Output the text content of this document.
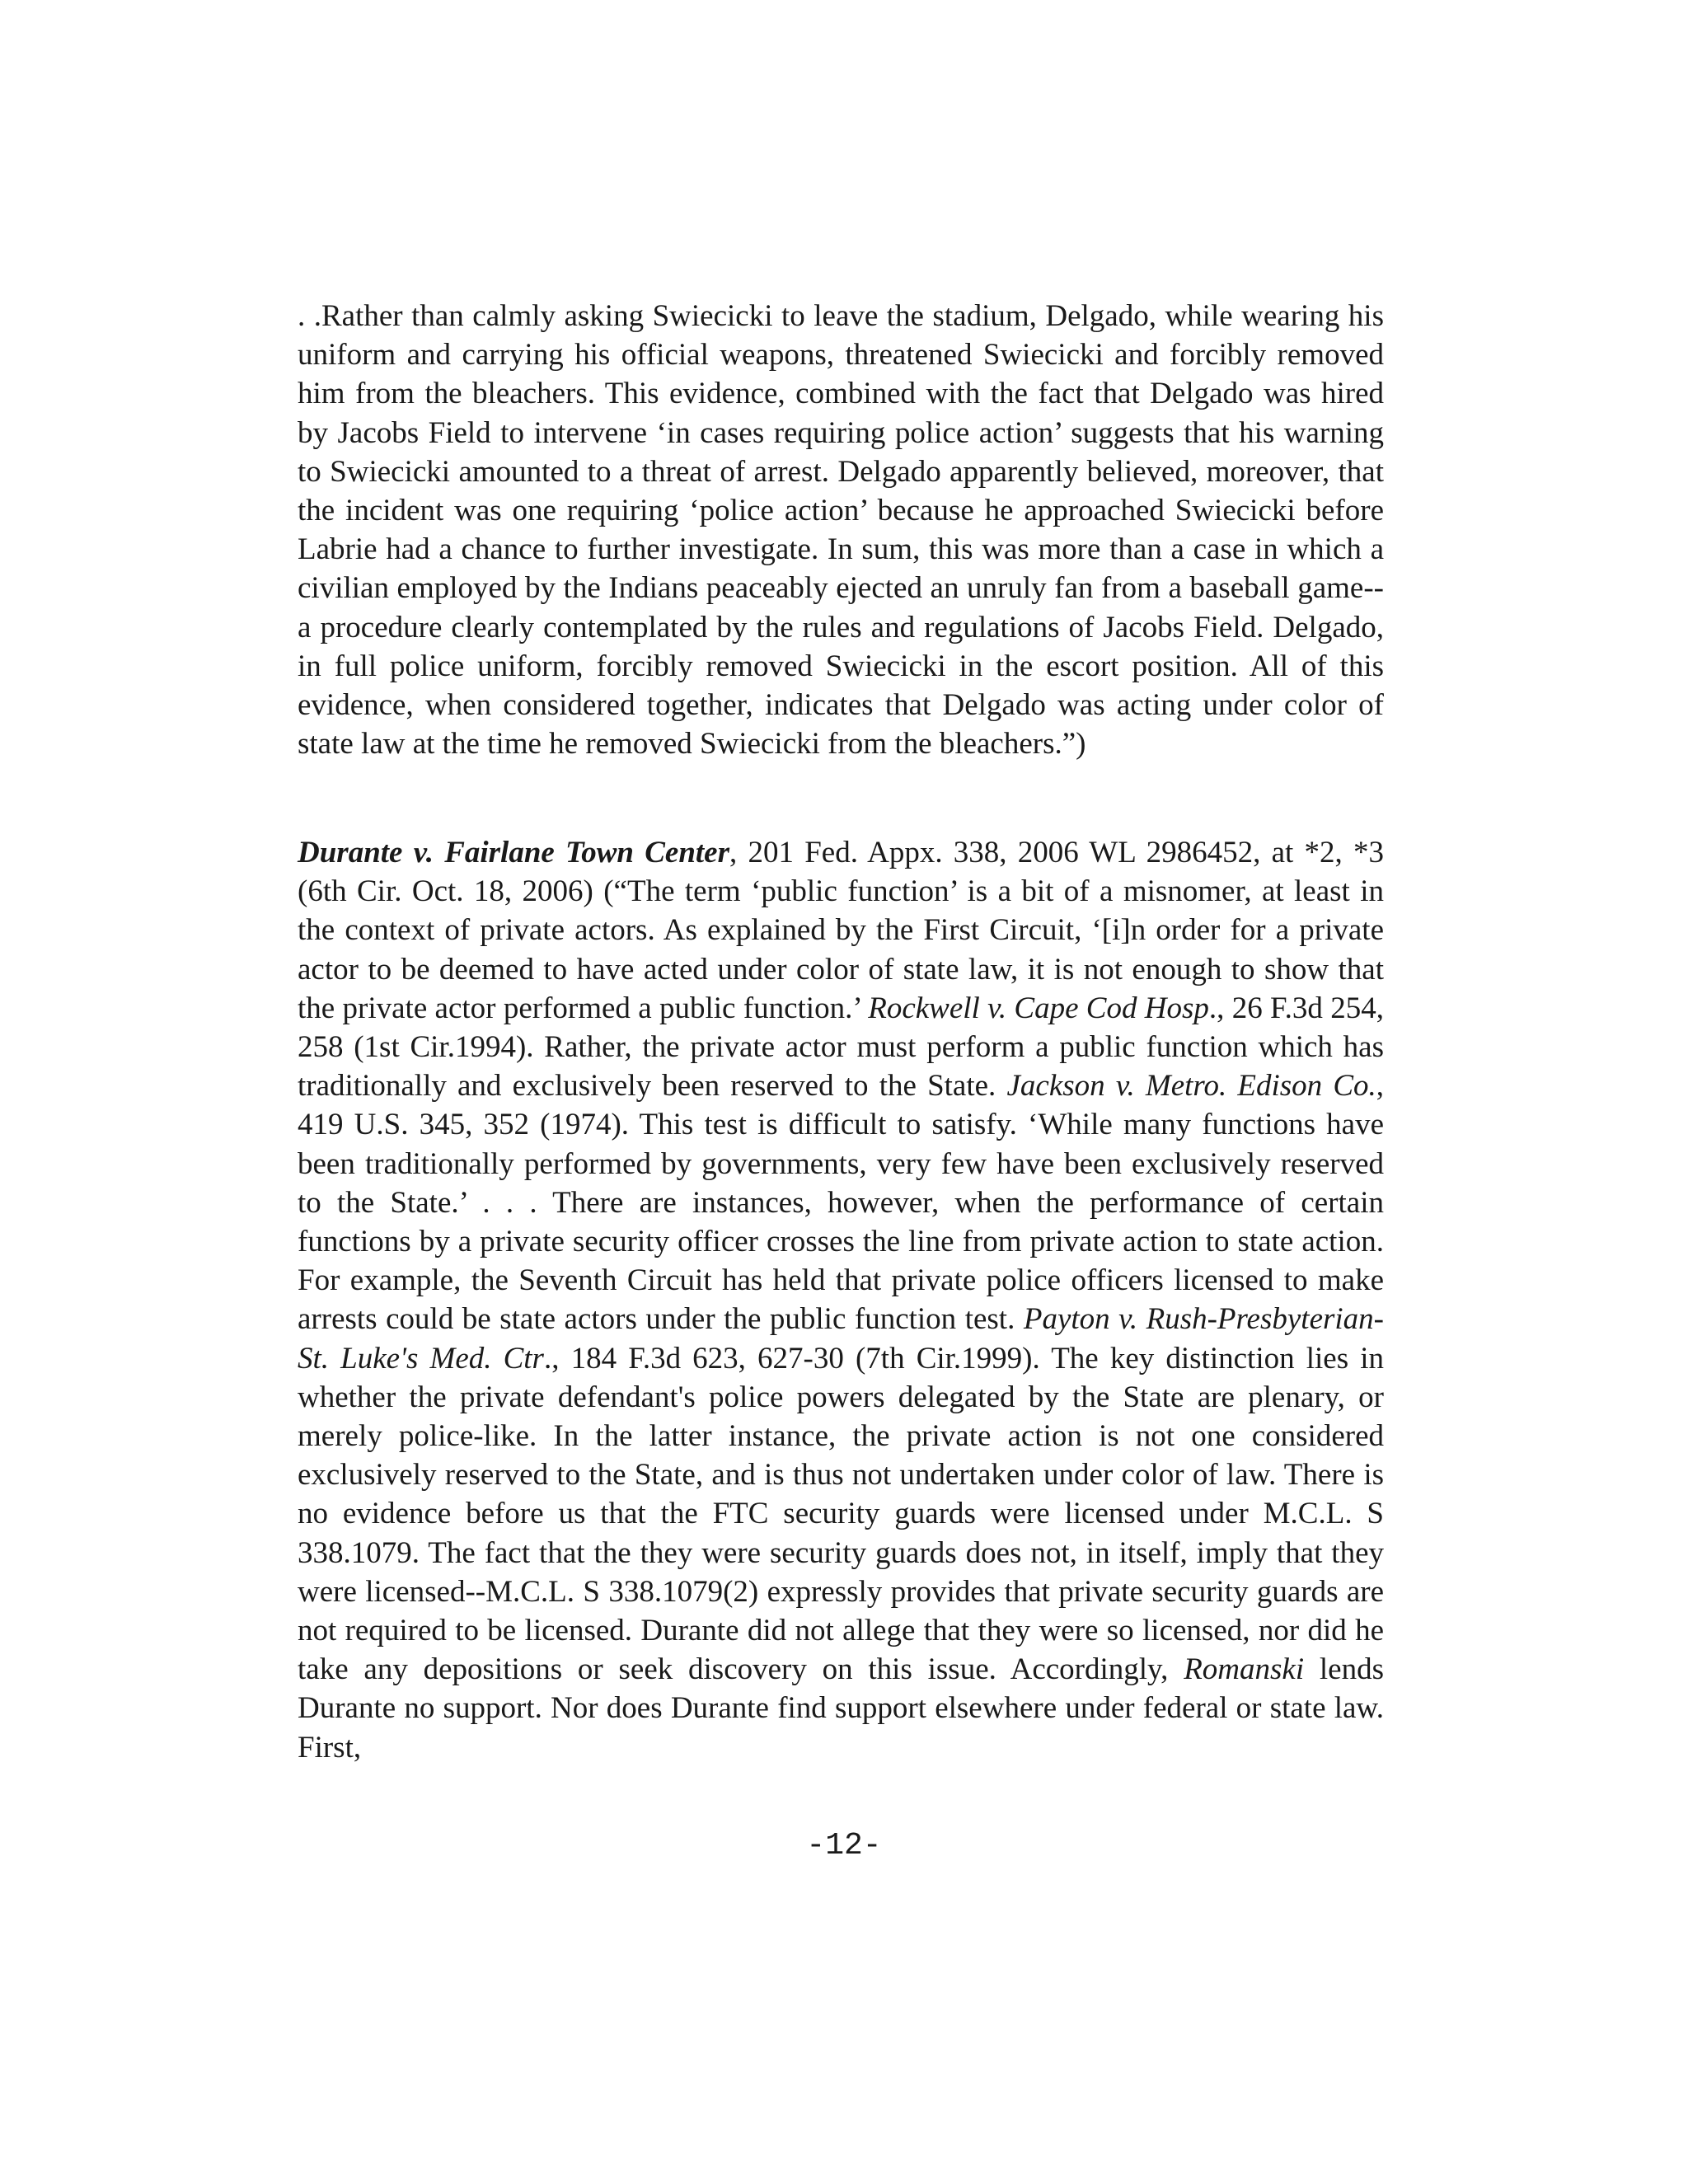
. .Rather than calmly asking Swiecicki to leave the stadium, Delgado, while wearing his uniform and carrying his official weapons, threatened Swiecicki and forcibly removed him from the bleachers. This evidence, combined with the fact that Delgado was hired by Jacobs Field to intervene ‘in cases requiring police action’ suggests that his warning to Swiecicki amounted to a threat of arrest. Delgado apparently believed, moreover, that the incident was one requiring ‘police action’ because he approached Swiecicki before Labrie had a chance to further investigate. In sum, this was more than a case in which a civilian employed by the Indians peaceably ejected an unruly fan from a baseball game--a procedure clearly contemplated by the rules and regulations of Jacobs Field. Delgado, in full police uniform, forcibly removed Swiecicki in the escort position. All of this evidence, when considered together, indicates that Delgado was acting under color of state law at the time he removed Swiecicki from the bleachers.”)

Durante v. Fairlane Town Center, 201 Fed. Appx. 338, 2006 WL 2986452, at *2, *3 (6th Cir. Oct. 18, 2006) (“The term ‘public function’ is a bit of a misnomer, at least in the context of private actors. As explained by the First Circuit, ‘[i]n order for a private actor to be deemed to have acted under color of state law, it is not enough to show that the private actor performed a public function.’ Rockwell v. Cape Cod Hosp., 26 F.3d 254, 258 (1st Cir.1994). Rather, the private actor must perform a public function which has traditionally and exclusively been reserved to the State. Jackson v. Metro. Edison Co., 419 U.S. 345, 352 (1974). This test is difficult to satisfy. ‘While many functions have been traditionally performed by governments, very few have been exclusively reserved to the State.’ . . . There are instances, however, when the performance of certain functions by a private security officer crosses the line from private action to state action. For example, the Seventh Circuit has held that private police officers licensed to make arrests could be state actors under the public function test. Payton v. Rush-Presbyterian-St. Luke's Med. Ctr., 184 F.3d 623, 627-30 (7th Cir.1999). The key distinction lies in whether the private defendant's police powers delegated by the State are plenary, or merely police-like. In the latter instance, the private action is not one considered exclusively reserved to the State, and is thus not undertaken under color of law. There is no evidence before us that the FTC security guards were licensed under M.C.L. S 338.1079. The fact that the they were security guards does not, in itself, imply that they were licensed--M.C.L. S 338.1079(2) expressly provides that private security guards are not required to be licensed. Durante did not allege that they were so licensed, nor did he take any depositions or seek discovery on this issue. Accordingly, Romanski lends Durante no support. Nor does Durante find support elsewhere under federal or state law. First,

-12-
